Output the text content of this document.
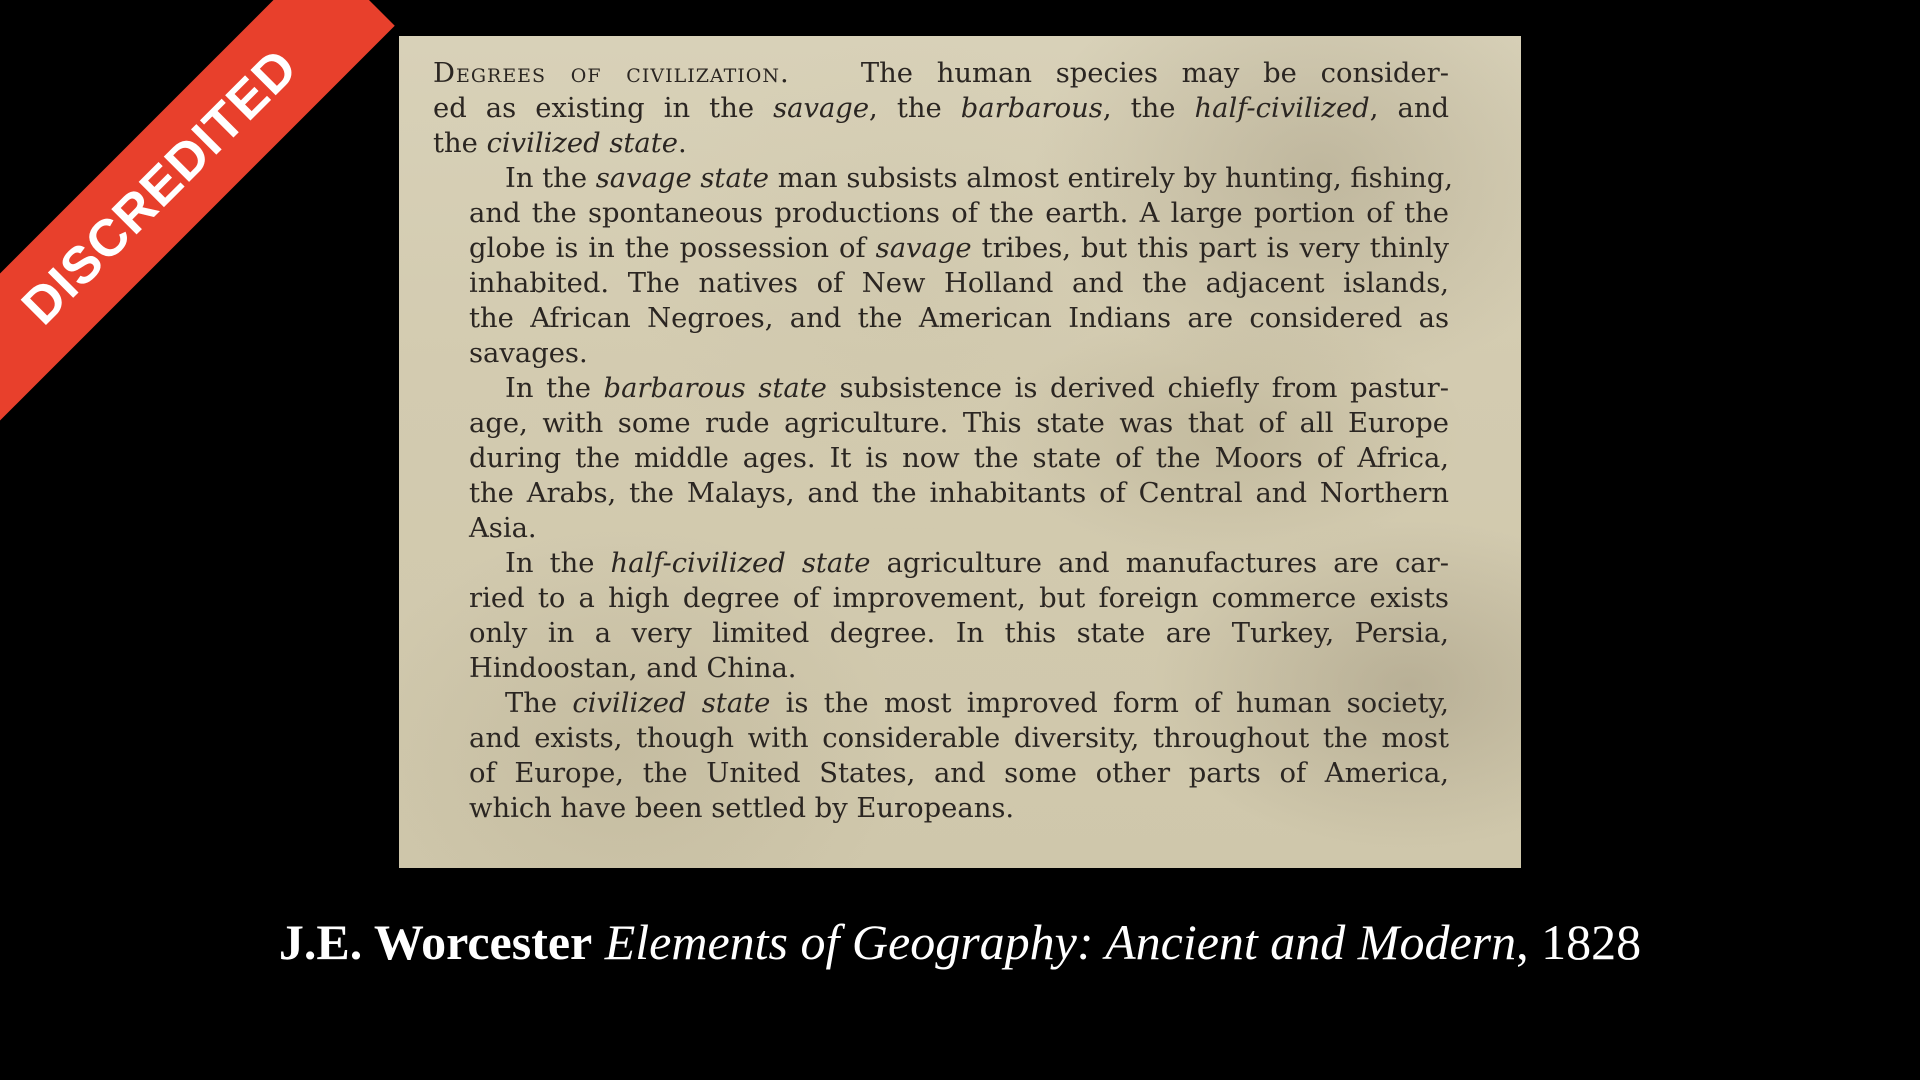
Degrees of civilization.	The human species may be consider-
ed as existing in the savage, the barbarous, the half-civilized, and
the civilized state.

In the savage state man subsists almost entirely by hunting, fishing,
and the spontaneous productions of the earth. A large portion of the
globe is in the possession of savage tribes, but this part is very thinly
inhabited. The natives of New Holland and the adjacent islands,
the African Negroes, and the American Indians are considered as
savages.

In the barbarous state subsistence is derived chiefly from pastur-
age, with some rude agriculture. This state was that of all Europe
during the middle ages. It is now the state of the Moors of Africa,
the Arabs, the Malays, and the inhabitants of Central and Northern
Asia.

In the half-civilized state agriculture and manufactures are car-
ried to a high degree of improvement, but foreign commerce exists
only in a very limited degree. In this state are Turkey, Persia,
Hindoostan, and China.

The civilized state is the most improved form of human society,
and exists, though with considerable diversity, throughout the most
of Europe, the United States, and some other parts of America,
which have been settled by Europeans.

J.E. Worcester Elements of Geography: Ancient and Modern, 1828
DISCREDITED
